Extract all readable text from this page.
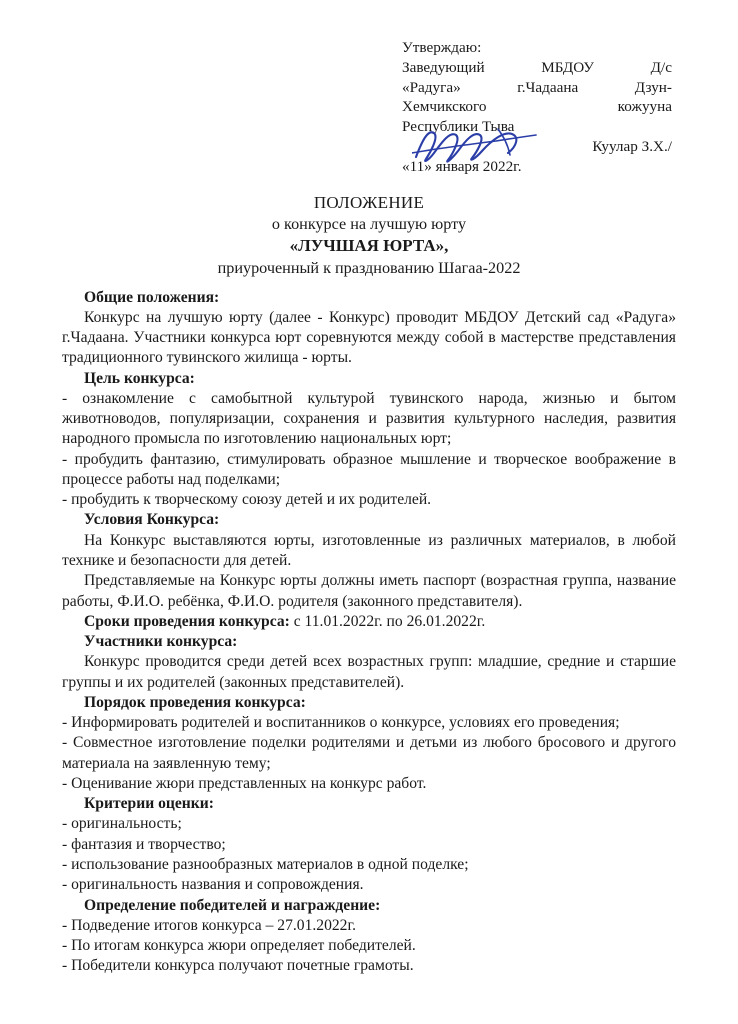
Утверждаю:
Заведующий МБДОУ Д/с
«Радуга» г.Чадаана Дзун-
Хемчикского кожууна
Республики Тыва
Куулар З.Х./
«11» января 2022г.
ПОЛОЖЕНИЕ
о конкурсе на лучшую юрту
«ЛУЧШАЯ ЮРТА»,
приуроченный к празднованию Шагаа-2022

Общие положения:

Конкурс на лучшую юрту (далее - Конкурс) проводит МБДОУ Детский сад «Радуга» г.Чадаана. Участники конкурса юрт соревнуются между собой в мастерстве представления традиционного тувинского жилища - юрты.

Цель конкурса:

- ознакомление с самобытной культурой тувинского народа, жизнью и бытом животноводов, популяризации, сохранения и развития культурного наследия, развития народного промысла по изготовлению национальных юрт;

- пробудить фантазию, стимулировать образное мышление и творческое воображение в процессе работы над поделками;

- пробудить к творческому союзу детей и их родителей.

Условия Конкурса:

На Конкурс выставляются юрты, изготовленные из различных материалов, в любой технике и безопасности для детей.

Представляемые на Конкурс юрты должны иметь паспорт (возрастная группа, название работы, Ф.И.О. ребёнка, Ф.И.О. родителя (законного представителя).

Сроки проведения конкурса: с 11.01.2022г. по 26.01.2022г.

Участники конкурса:

Конкурс проводится среди детей всех возрастных групп: младшие, средние и старшие группы и их родителей (законных представителей).

Порядок проведения конкурса:

- Информировать родителей и воспитанников о конкурсе, условиях его проведения;

- Совместное изготовление поделки родителями и детьми из любого бросового и другого материала на заявленную тему;

- Оценивание жюри представленных на конкурс работ.

Критерии оценки:

- оригинальность;

- фантазия и творчество;

- использование разнообразных материалов в одной поделке;

- оригинальность названия и сопровождения.

Определение победителей и награждение:

- Подведение итогов конкурса – 27.01.2022г.

- По итогам конкурса жюри определяет победителей.

- Победители конкурса получают почетные грамоты.
